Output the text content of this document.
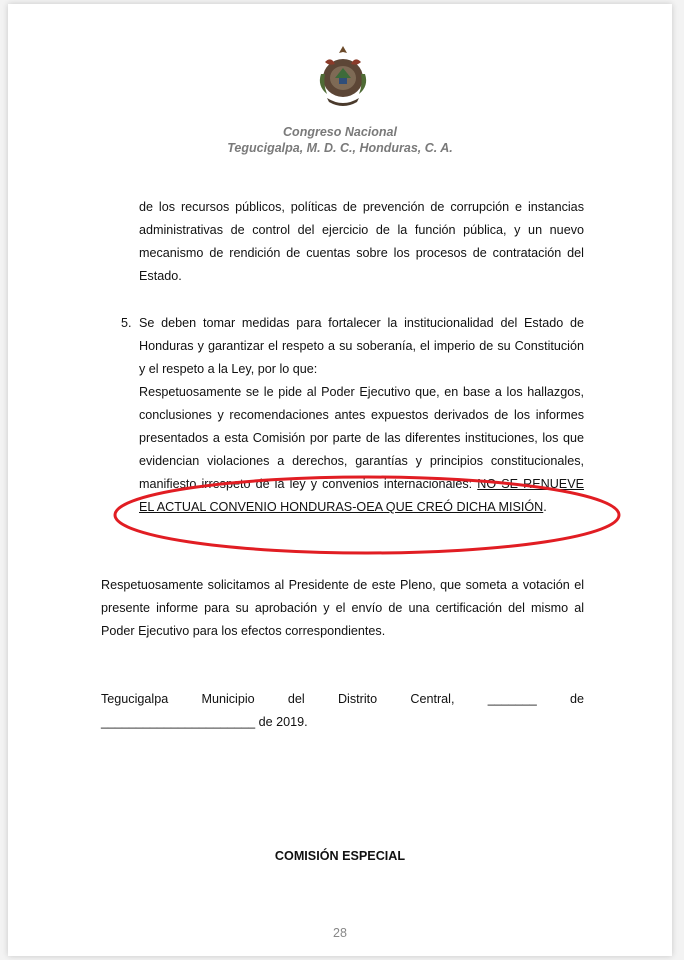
Congreso Nacional
Tegucigalpa, M. D. C., Honduras, C. A.
de los recursos públicos, políticas de prevención de corrupción e instancias administrativas de control del ejercicio de la función pública, y un nuevo mecanismo de rendición de cuentas sobre los procesos de contratación del Estado.
5. Se deben tomar medidas para fortalecer la institucionalidad del Estado de Honduras y garantizar el respeto a su soberanía, el imperio de su Constitución y el respeto a la Ley, por lo que:
Respetuosamente se le pide al Poder Ejecutivo que, en base a los hallazgos, conclusiones y recomendaciones antes expuestos derivados de los informes presentados a esta Comisión por parte de las diferentes instituciones, los que evidencian violaciones a derechos, garantías y principios constitucionales, manifiesto irrespeto de la ley y convenios internacionales: NO SE RENUEVE EL ACTUAL CONVENIO HONDURAS-OEA QUE CREÓ DICHA MISIÓN.
Respetuosamente solicitamos al Presidente de este Pleno, que someta a votación el presente informe para su aprobación y el envío de una certificación del mismo al Poder Ejecutivo para los efectos correspondientes.
Tegucigalpa	Municipio	del	Distrito	Central,	_______	de
______________________ de 2019.
COMISIÓN ESPECIAL
28
